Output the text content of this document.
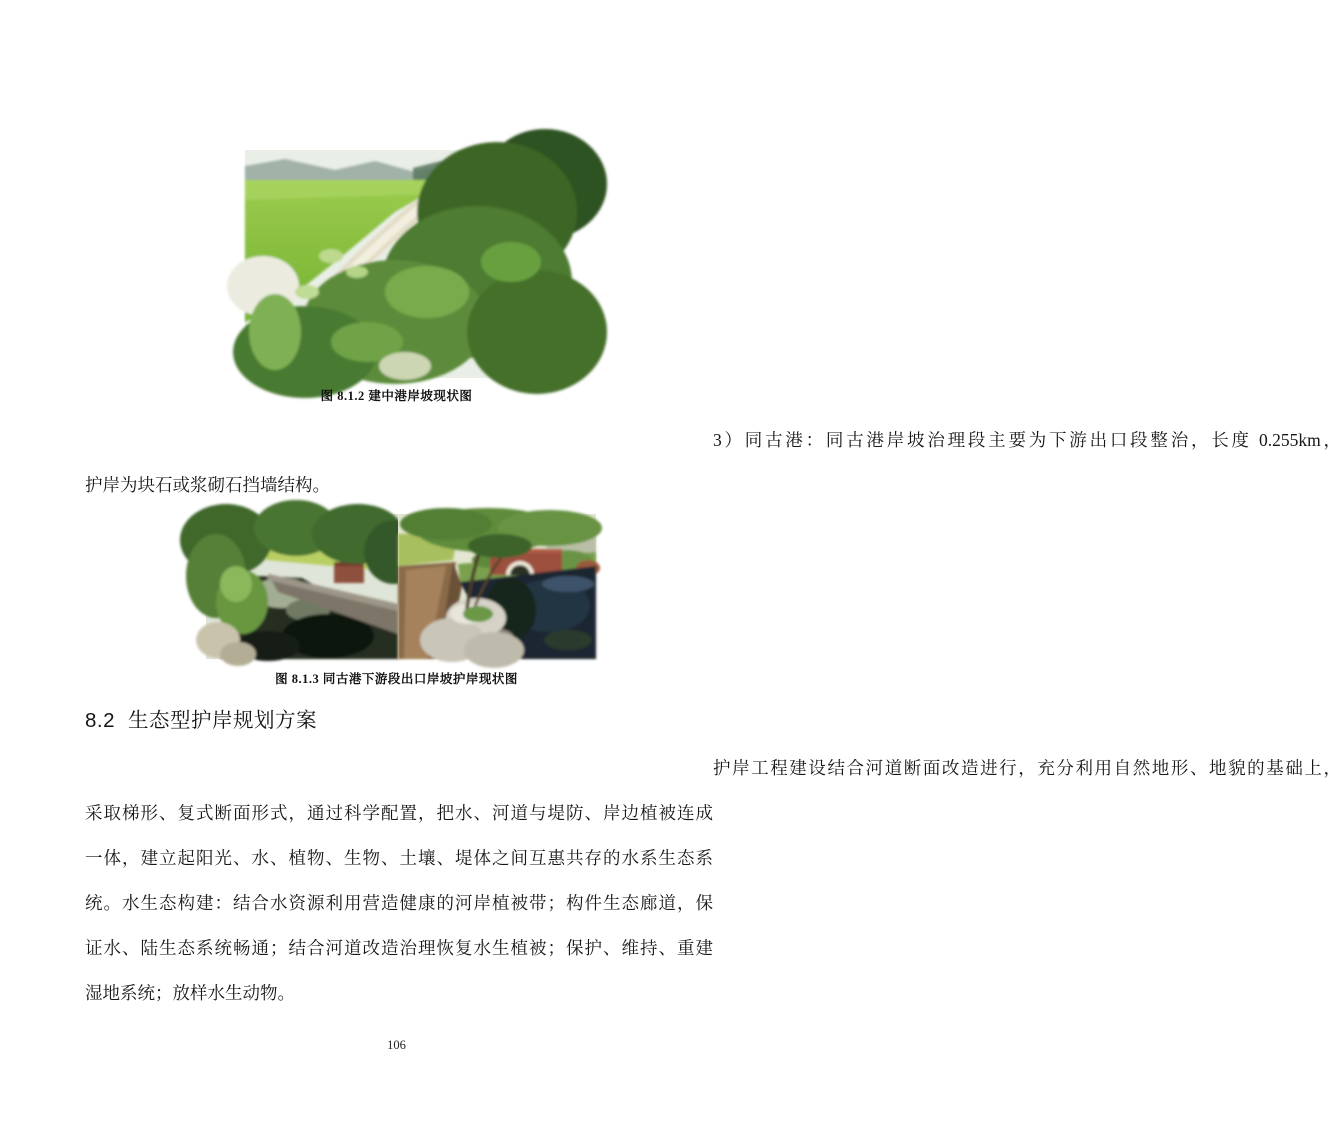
图 8.1.2 建中港岸坡现状图
3）同古港：同古港岸坡治理段主要为下游出口段整治，长度 0.255km，
护岸为块石或浆砌石挡墙结构。
图 8.1.3 同古港下游段出口岸坡护岸现状图
8.2 生态型护岸规划方案
护岸工程建设结合河道断面改造进行，充分利用自然地形、地貌的基础上，
采取梯形、复式断面形式，通过科学配置，把水、河道与堤防、岸边植被连成
一体，建立起阳光、水、植物、生物、土壤、堤体之间互惠共存的水系生态系
统。水生态构建：结合水资源利用营造健康的河岸植被带；构件生态廊道，保
证水、陆生态系统畅通；结合河道改造治理恢复水生植被；保护、维持、重建
湿地系统；放样水生动物。
106
